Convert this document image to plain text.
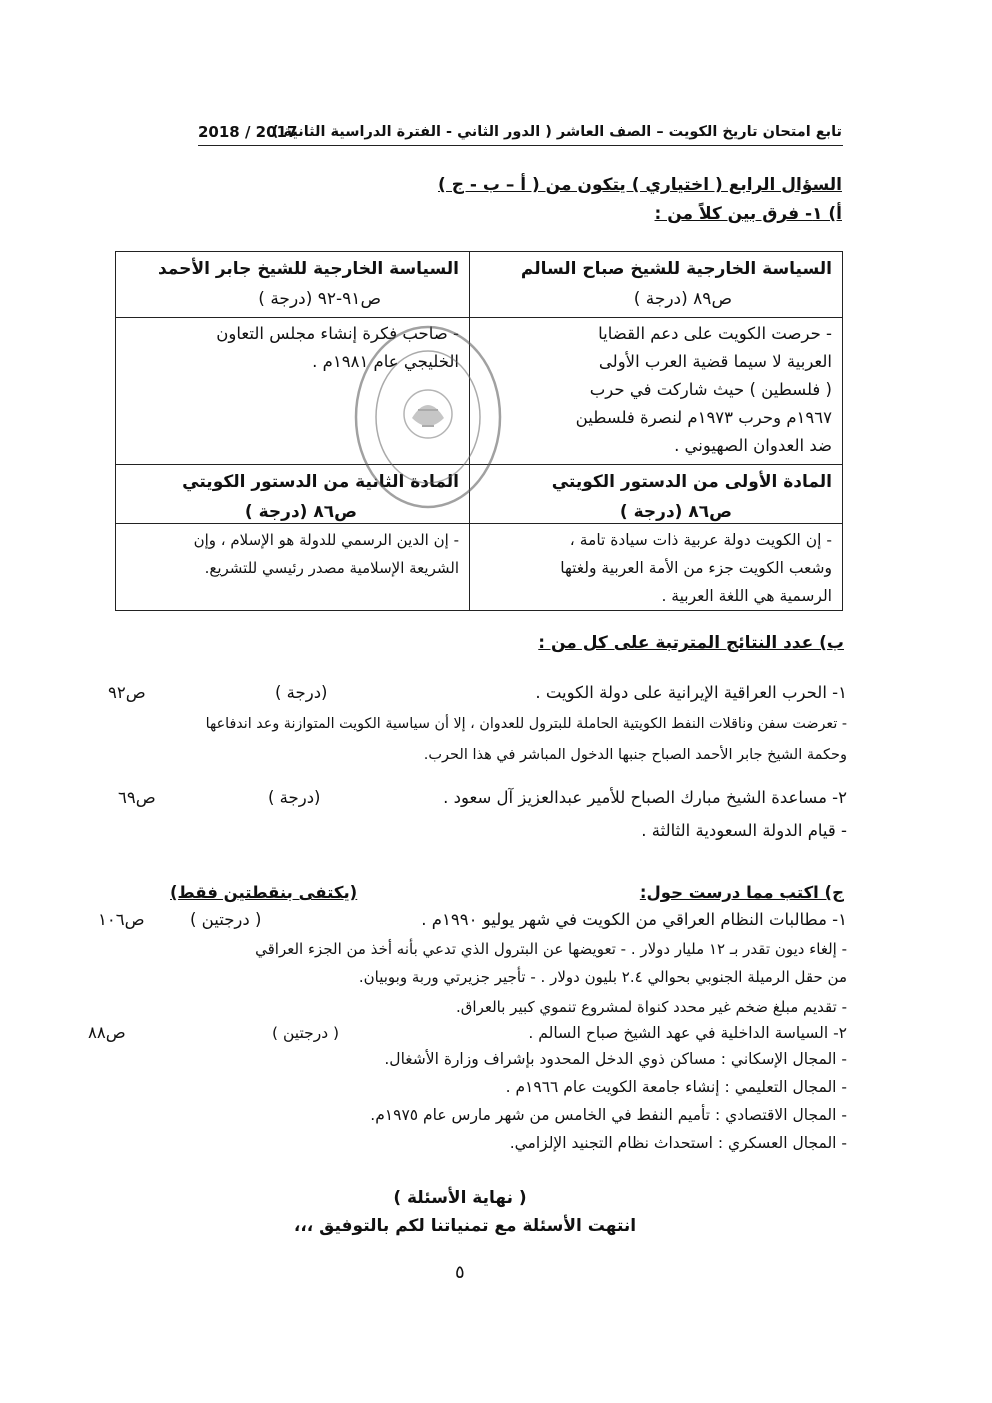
تابع امتحان تاريخ الكويت – الصف العاشر ( الدور الثاني - الفترة الدراسية الثانية )
2018 / 2017
السؤال الرابع ( اختياري ) يتكون من ( أ – ب - ج )
أ) ١- فرق بين كلاً من :
السياسة الخارجية للشيخ صباح السالم
ص٨٩ (درجة )
السياسة الخارجية للشيخ جابر الأحمد
ص٩١-٩٢ (درجة )
- حرصت الكويت على دعم القضايا
العربية لا سيما قضية العرب الأولى
( فلسطين ) حيث شاركت في حرب
١٩٦٧م وحرب ١٩٧٣م لنصرة فلسطين
ضد العدوان الصهيوني .
- صاحب فكرة إنشاء مجلس التعاون
الخليجي عام ١٩٨١م .
المادة الأولى من الدستور الكويتي
ص٨٦ (درجة )
المادة الثانية من الدستور الكويتي
ص٨٦ (درجة )
- إن الكويت دولة عربية ذات سيادة تامة ،
وشعب الكويت جزء من الأمة العربية ولغتها
الرسمية هي اللغة العربية .
- إن الدين الرسمي للدولة هو الإسلام ، وإن
الشريعة الإسلامية مصدر رئيسي للتشريع.
ب) عدد النتائج المترتبة على كل من :
١- الحرب العراقية الإيرانية على دولة الكويت .
(درجة )
ص٩٢
- تعرضت سفن وناقلات النفط الكويتية الحاملة للبترول للعدوان ، إلا أن سياسية الكويت المتوازنة وعد اندفاعها
وحكمة الشيخ جابر الأحمد الصباح جنبها الدخول المباشر في هذا الحرب.
٢- مساعدة الشيخ مبارك الصباح للأمير عبدالعزيز آل سعود .
(درجة )
ص٦٩
- قيام الدولة السعودية الثالثة .
ج) اكتب مما درست حول:
(يكتفى بنقطتين فقط)
١- مطالبات النظام العراقي من الكويت في شهر يوليو ١٩٩٠م .
( درجتين )
ص١٠٦
- إلغاء ديون تقدر بـ ١٢ مليار دولار . - تعويضها عن البترول الذي تدعي بأنه أخذ من الجزء العراقي
من حقل الرميلة الجنوبي بحوالي ٢.٤ بليون دولار . - تأجير جزيرتي وربة وبوبيان.
- تقديم مبلغ ضخم غير محدد كنواة لمشروع تنموي كبير بالعراق.
٢- السياسة الداخلية في عهد الشيخ صباح السالم .
( درجتين )
ص٨٨
- المجال الإسكاني : مساكن ذوي الدخل المحدود بإشراف وزارة الأشغال.
- المجال التعليمي : إنشاء جامعة الكويت عام ١٩٦٦م .
- المجال الاقتصادي : تأميم النفط في الخامس من شهر مارس عام ١٩٧٥م.
- المجال العسكري : استحداث نظام التجنيد الإلزامي.
( نهاية الأسئلة )
انتهت الأسئلة مع تمنياتنا لكم بالتوفيق ،،،
٥
